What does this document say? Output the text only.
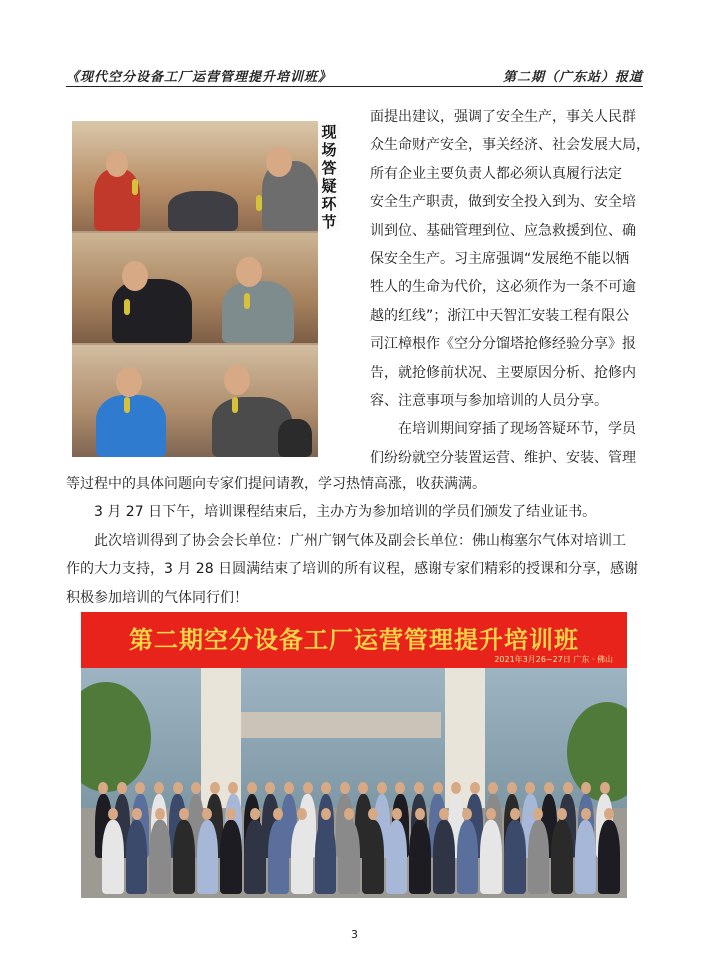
《现代空分设备工厂运营管理提升培训班》	第二期（广东站）报道
现
场
答
疑
环
节

面提出建议，强调了安全生产，事关人民群

众生命财产安全，事关经济、社会发展大局，

所有企业主要负责人都必须认真履行法定

安全生产职责，做到安全投入到为、安全培

训到位、基础管理到位、应急救援到位、确

保安全生产。习主席强调“发展绝不能以牺

牲人的生命为代价，这必须作为一条不可逾

越的红线”；浙江中天智汇安装工程有限公

司江樟根作《空分分馏塔抢修经验分享》报

告，就抢修前状况、主要原因分析、抢修内

容、注意事项与参加培训的人员分享。

在培训期间穿插了现场答疑环节，学员

们纷纷就空分装置运营、维护、安装、管理

等过程中的具体问题向专家们提问请教，学习热情高涨，收获满满。

3 月 27 日下午，培训课程结束后，主办方为参加培训的学员们颁发了结业证书。

此次培训得到了协会会长单位：广州广钢气体及副会长单位：佛山梅塞尔气体对培训工

作的大力支持，3 月 28 日圆满结束了培训的所有议程，感谢专家们精彩的授课和分享，感谢

积极参加培训的气体同行们！

第二期空分设备工厂运营管理提升培训班
2021年3月26~27日 广东 · 佛山
3
